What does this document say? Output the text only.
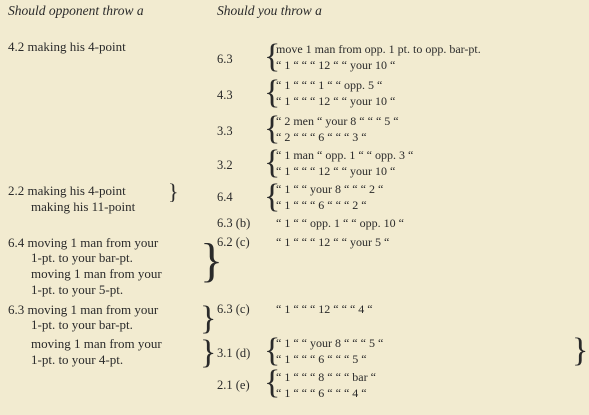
Should opponent throw a	Should you throw a
4.2 making his 4-point
2.2 making his 4-point
making his 11-point
}
6.4 moving 1 man from your
1-pt. to your bar-pt.
moving 1 man from your
1-pt. to your 5-pt.
}
6.3 moving 1 man from your
1-pt. to your bar-pt.
moving 1 man from your
1-pt. to your 4-pt.
}
}
6.3
4.3
3.3
3.2
6.4
6.3 (b)
6.2 (c)
6.3 (c)
3.1 (d)
2.1 (e)
{
{
{
{
{
{
{
}
move 1 man from opp. 1 pt. to opp. bar-pt.
“ 1 “ “ “ 12 “ “ your 10 “
“ 1 “ “ “ 1 “ “ opp. 5 “
“ 1 “ “ “ 12 “ “ your 10 “
“ 2 men “ your 8 “ “ “ 5 “
“ 2 “ “ “ 6 “ “ “ 3 “
“ 1 man “ opp. 1 “ “ opp. 3 “
“ 1 “ “ “ 12 “ “ your 10 “
“ 1 “ “ your 8 “ “ “ 2 “
“ 1 “ “ “ 6 “ “ “ 2 “
“ 1 “ “ opp. 1 “ “ opp. 10 “
“ 1 “ “ “ 12 “ “ your 5 “
“ 1 “ “ “ 12 “ “ “ 4 “
“ 1 “ “ your 8 “ “ “ 5 “
“ 1 “ “ “ 6 “ “ “ 5 “
“ 1 “ “ “ 8 “ “ “ bar “
“ 1 “ “ “ 6 “ “ “ 4 “
